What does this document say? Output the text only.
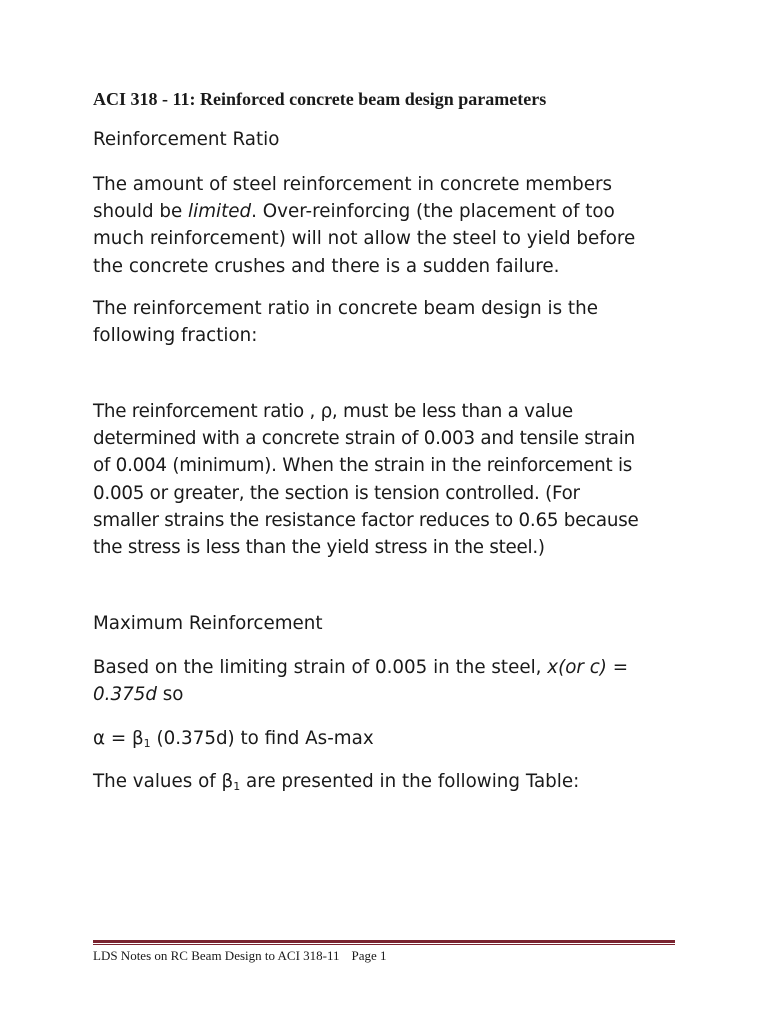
ACI 318 - 11: Reinforced concrete beam design parameters

Reinforcement Ratio

The amount of steel reinforcement in concrete members
should be limited. Over-reinforcing (the placement of too
much reinforcement) will not allow the steel to yield before
the concrete crushes and there is a sudden failure.

The reinforcement ratio in concrete beam design is the
following fraction:

The reinforcement ratio , ρ, must be less than a value
determined with a concrete strain of 0.003 and tensile strain
of 0.004 (minimum). When the strain in the reinforcement is
0.005 or greater, the section is tension controlled. (For
smaller strains the resistance factor reduces to 0.65 because
the stress is less than the yield stress in the steel.)

Maximum Reinforcement

Based on the limiting strain of 0.005 in the steel, x(or c) =
0.375d so

$\alpha = \beta_1$ (0.375d) to find As-max

The values of $\beta_1$ are presented in the following Table:

LDS Notes on RC Beam Design to ACI 318-11 Page 1
